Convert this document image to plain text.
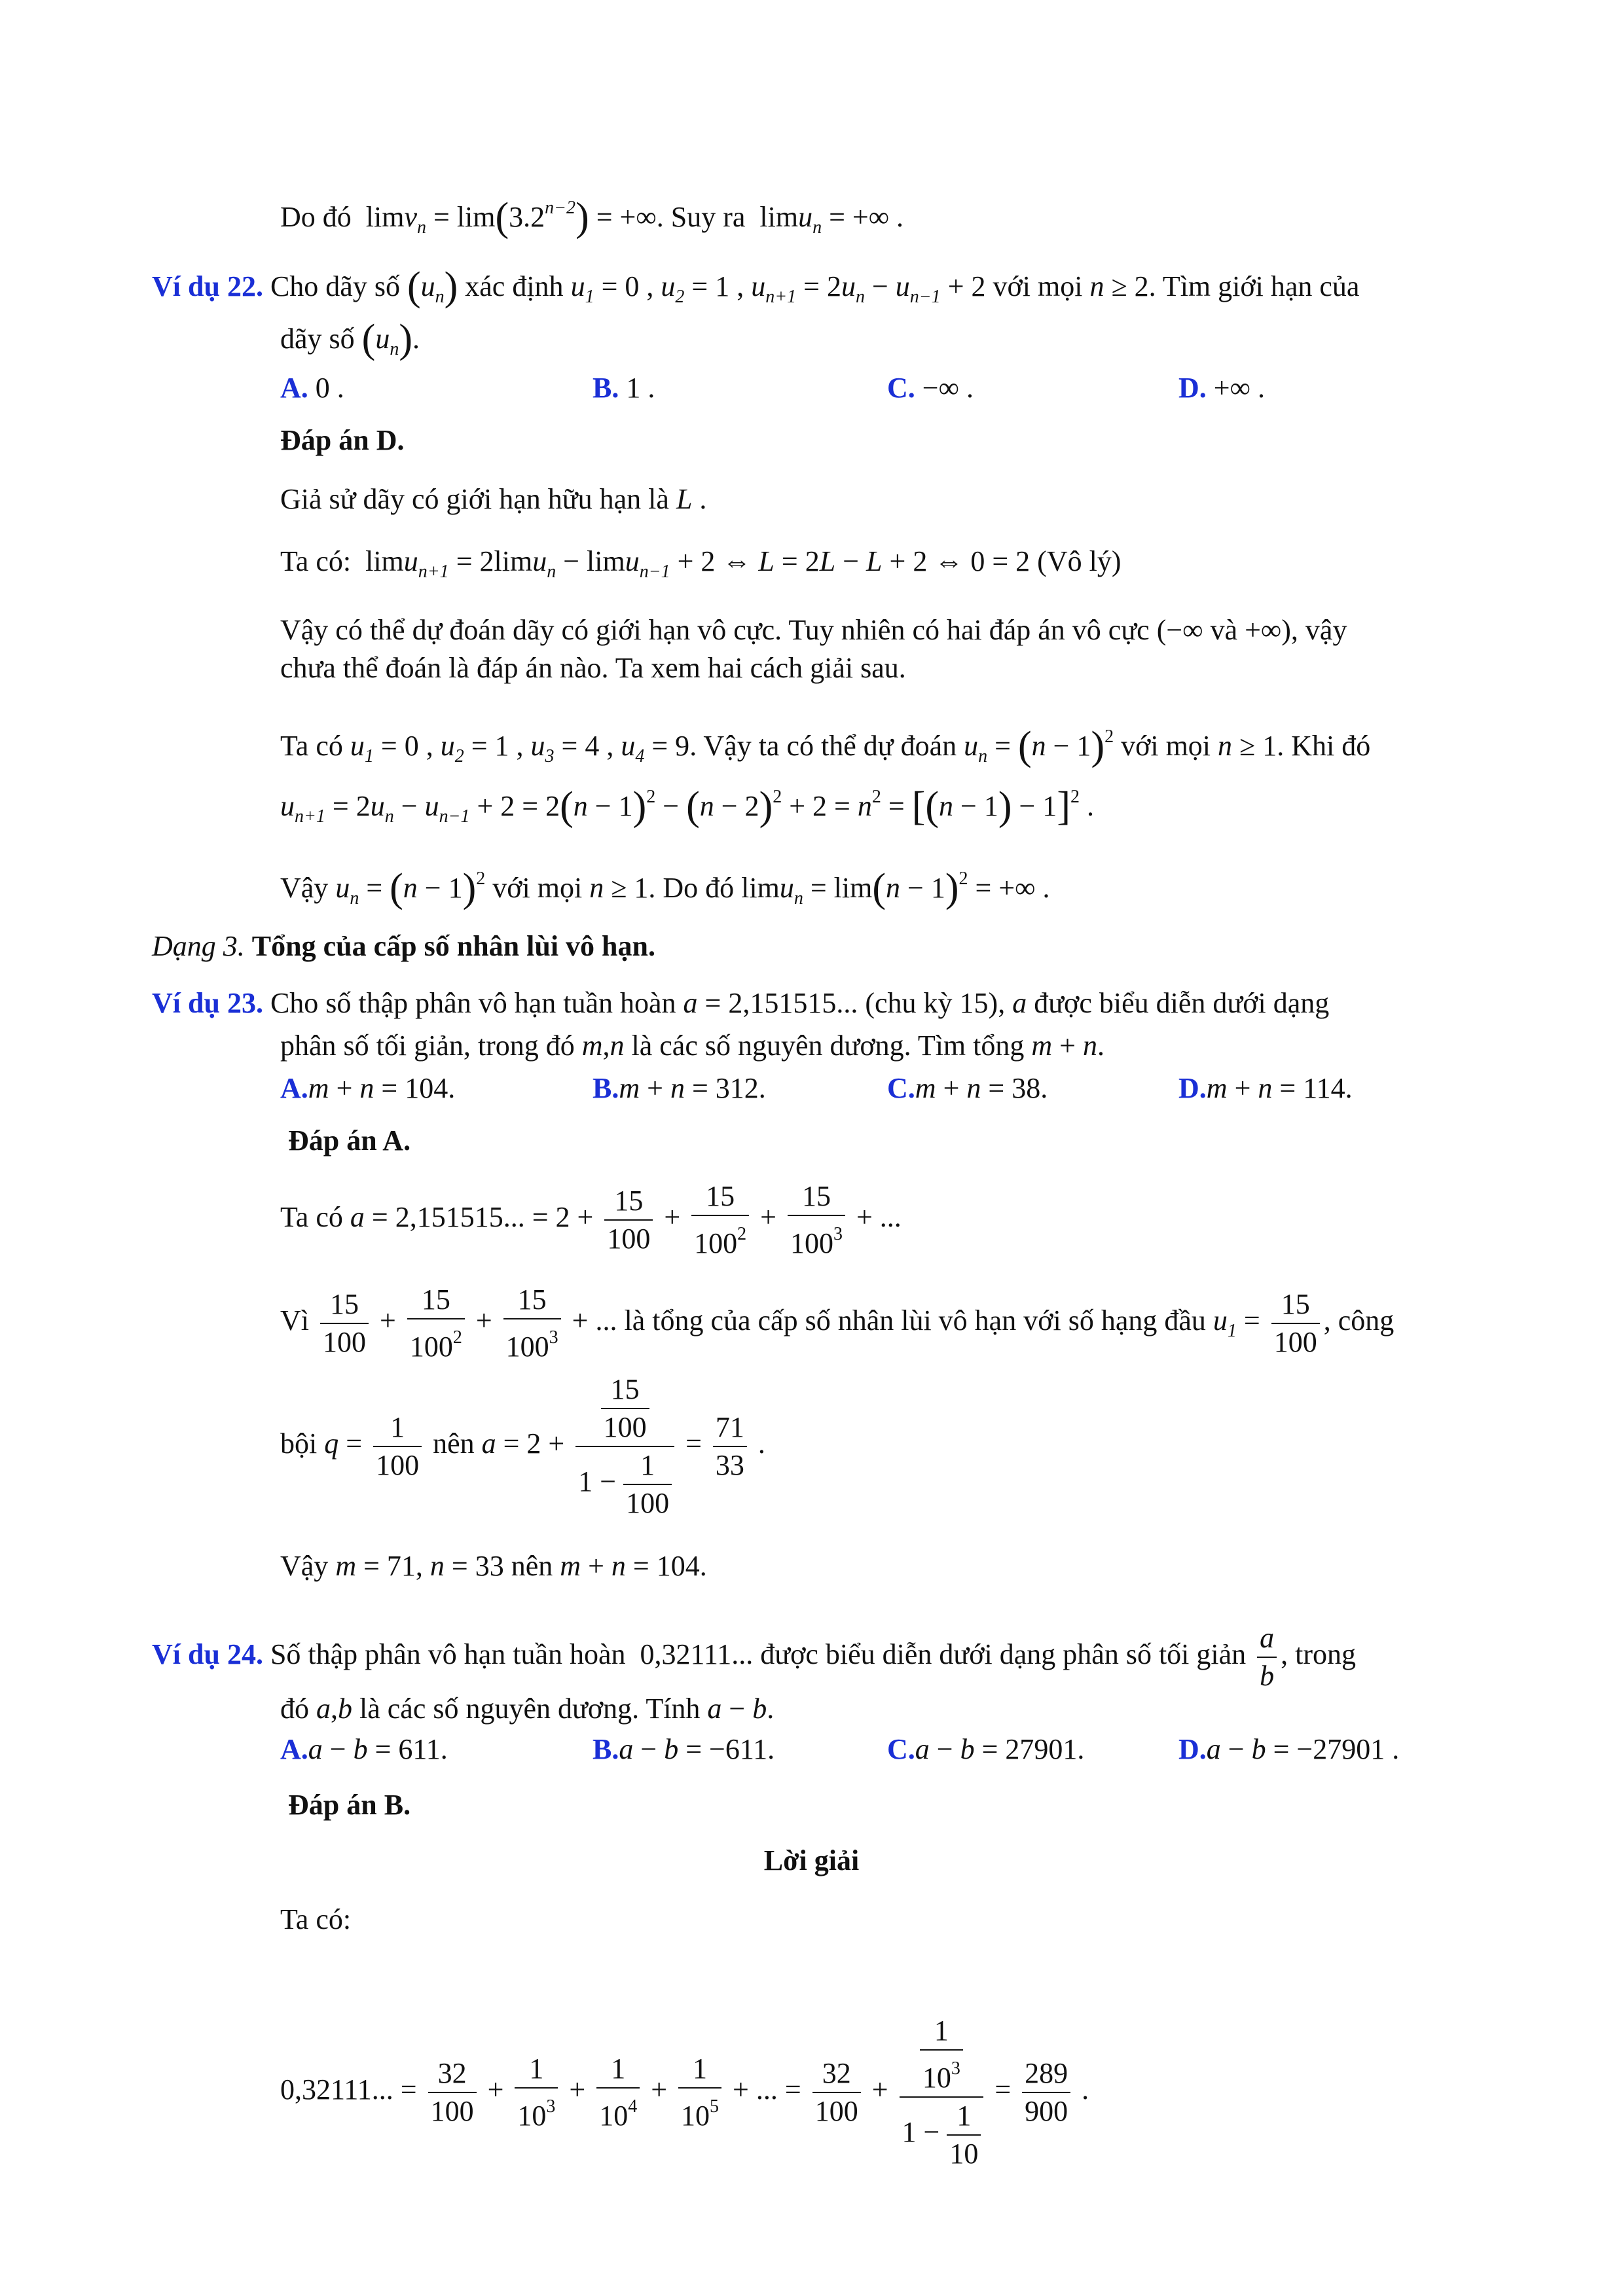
Do đó  $\lim v_n = \lim(3.2^{n-2})$ = +∞. Suy ra  limu$_n$ = +∞ .
Ví dụ 22. Cho dãy số $(u_n)$ xác định $u_1 = 0$ , $u_2 = 1$ , $u_{n+1} = 2u_n - u_{n-1} + 2$ với mọi n ≥ 2. Tìm giới hạn của
dãy số $(u_n)$.
A. 0 .	B. 1 .	C. −∞ .	D. +∞ .
Đáp án D.
Giả sử dãy có giới hạn hữu hạn là L .
Ta có:  limu$_{n+1}$ = 2limu$_n$ − limu$_{n-1}$ + 2 ⇔ L = 2L − L + 2 ⇔ 0 = 2 (Vô lý)
Vậy có thể dự đoán dãy có giới hạn vô cực. Tuy nhiên có hai đáp án vô cực (−∞ và +∞), vậy
chưa thể đoán là đáp án nào. Ta xem hai cách giải sau.
Ta có $u_1 = 0$ , $u_2 = 1$ , $u_3 = 4$ , $u_4 = 9$. Vậy ta có thể dự đoán $u_n = (n - 1)^2$ với mọi n ≥ 1. Khi đó
$u_{n+1} = 2u_n - u_{n-1} + 2 = 2(n - 1)^2 - (n - 2)^2 + 2 = n^2 = [(n - 1) - 1]^2$ .
Vậy $u_n = (n - 1)^2$ với mọi n ≥ 1. Do đó $\lim u_n = \lim(n - 1)^2$ = +∞ .
Dạng 3. Tổng của cấp số nhân lùi vô hạn.
Ví dụ 23. Cho số thập phân vô hạn tuần hoàn a = 2,151515... (chu kỳ 15), a được biểu diễn dưới dạng
phân số tối giản, trong đó m,n là các số nguyên dương. Tìm tổng m + n.
A.m + n = 104.	B.m + n = 312.	C.m + n = 38.	D.m + n = 114.
Đáp án A.
Ta có a = 2,151515... = $2 + \frac{15}{100} + \frac{15}{100^2} + \frac{15}{100^3}$ + ...
Vì $\frac{15}{100} + \frac{15}{100^2} + \frac{15}{100^3}$ + ... là tổng của cấp số nhân lùi vô hạn với số hạng đầu $u_1 = \frac{15}{100}$ , công
bội $q = \frac{1}{100}$ nên $a = 2 + \frac{\frac{15}{100}}{1 - \frac{1}{100}} = \frac{71}{33}$ .
Vậy m = 71, n = 33 nên m + n = 104.
Ví dụ 24. Số thập phân vô hạn tuần hoàn  0,32111... được biểu diễn dưới dạng phân số tối giản $\frac{a}{b}$ , trong
đó a,b là các số nguyên dương. Tính a − b.
A.a − b = 611.	B.a − b = −611.	C.a − b = 27901.	D.a − b = −27901 .
Đáp án B.
Lời giải
Ta có:
0,32111... = $\frac{32}{100} + \frac{1}{10^3} + \frac{1}{10^4} + \frac{1}{10^5}$ + ... = $\frac{32}{100} + \frac{\frac{1}{10^3}}{1 - \frac{1}{10}} = \frac{289}{900}$ .
